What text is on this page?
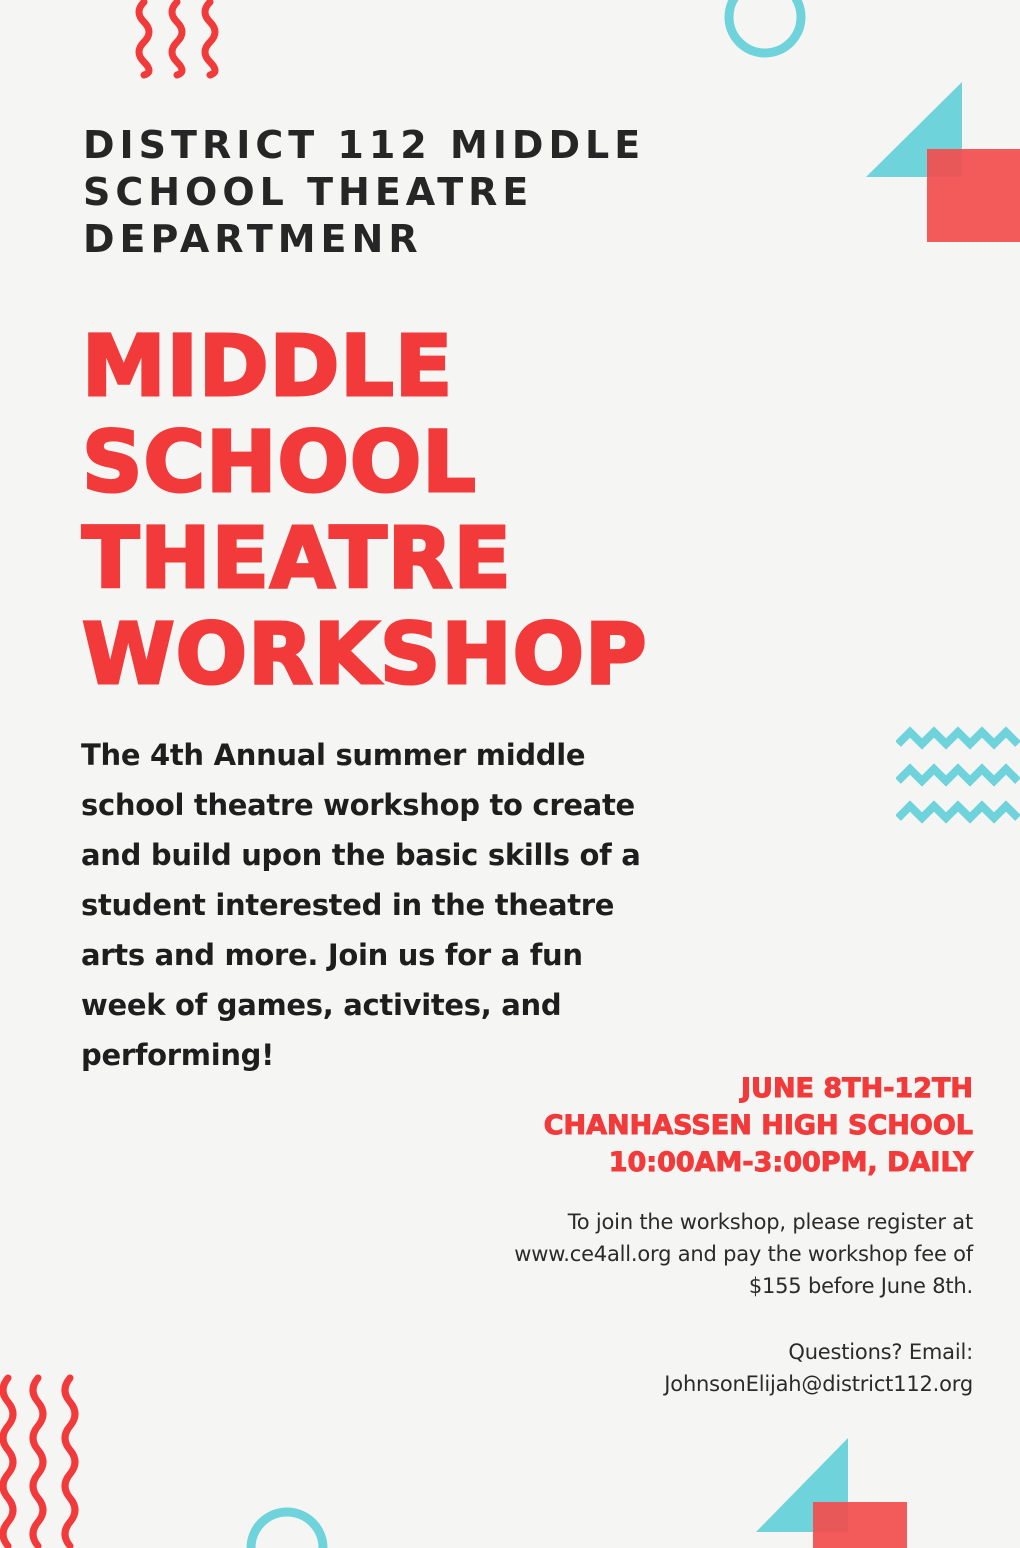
DISTRICT 112 MIDDLE
SCHOOL THEATRE
DEPARTMENR
MIDDLE
SCHOOL
THEATRE
WORKSHOP

The 4th Annual summer middle
school theatre workshop to create
and build upon the basic skills of a
student interested in the theatre
arts and more. Join us for a fun
week of games, activites, and
performing!

JUNE 8TH-12TH
CHANHASSEN HIGH SCHOOL
10:00AM-3:00PM, DAILY

To join the workshop, please register at
www.ce4all.org and pay the workshop fee of
$155 before June 8th.

Questions? Email:
JohnsonElijah@district112.org
